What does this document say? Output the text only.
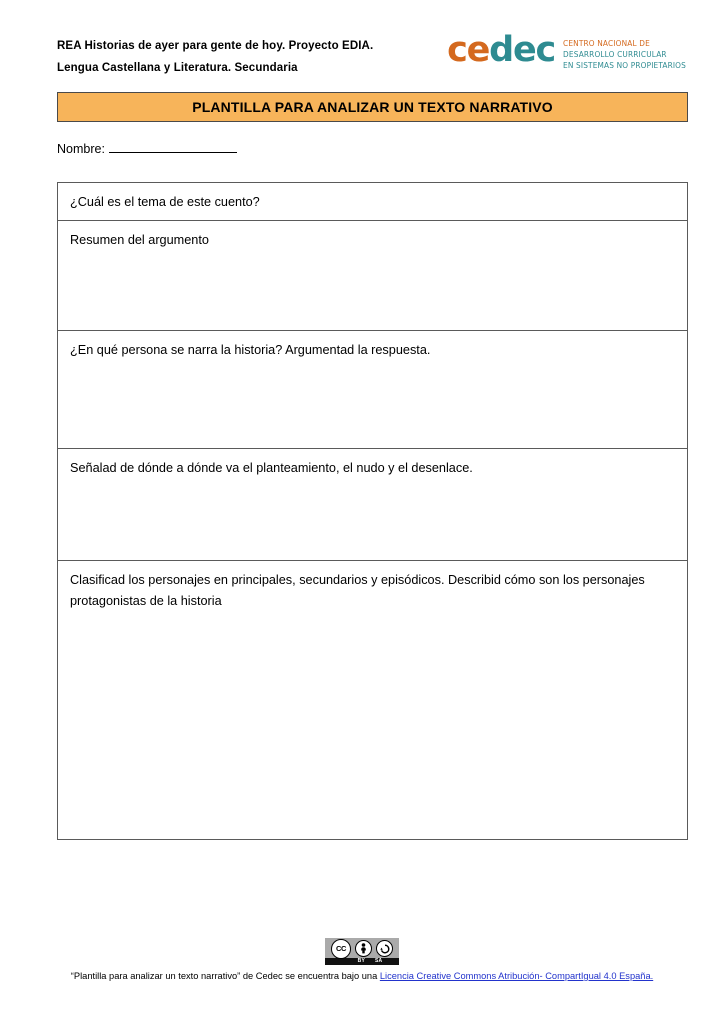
REA Historias de ayer para gente de hoy. Proyecto EDIA.
Lengua Castellana y Literatura. Secundaria	cedec CENTRO NACIONAL DE
DESARROLLO CURRICULAR
EN SISTEMAS NO PROPIETARIOS
PLANTILLA PARA ANALIZAR UN TEXTO NARRATIVO
Nombre:
¿Cuál es el tema de este cuento?
Resumen del argumento
¿En qué persona se narra la historia? Argumentad la respuesta.
Señalad de dónde a dónde va el planteamiento, el nudo y el desenlace.
Clasificad los personajes en principales, secundarios y episódicos. Describid cómo son los personajes protagonistas de la historia
CC
BY SA
“Plantilla para analizar un texto narrativo” de Cedec se encuentra bajo una Licencia Creative Commons Atribución- CompartIgual 4.0 España.
